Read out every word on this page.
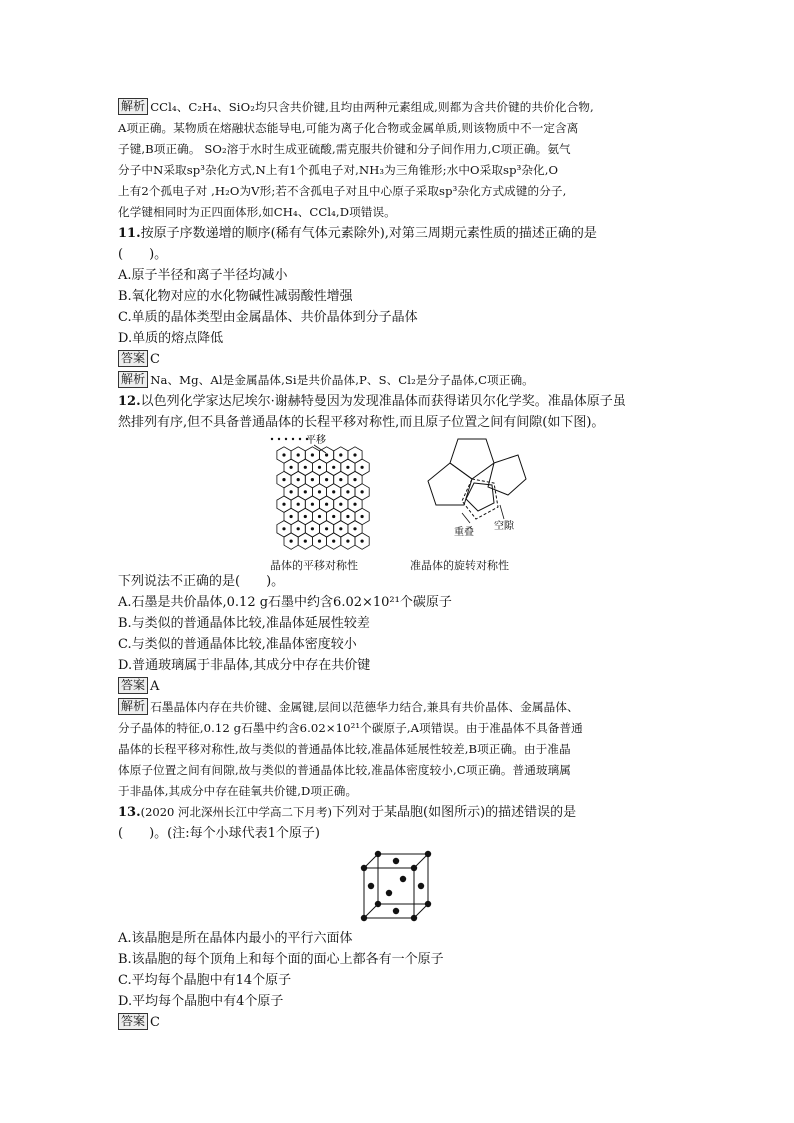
解析 CCl₄、C₂H₄、SiO₂均只含共价键,且均由两种元素组成,则都为含共价键的共价化合物,
A项正确。某物质在熔融状态能导电,可能为离子化合物或金属单质,则该物质中不一定含离
子键,B项正确。 SO₂溶于水时生成亚硫酸,需克服共价键和分子间作用力,C项正确。氨气
分子中N采取sp³杂化方式,N上有1个孤电子对,NH₃为三角锥形;水中O采取sp³杂化,O
上有2个孤电子对 ,H₂O为V形;若不含孤电子对且中心原子采取sp³杂化方式成键的分子,
化学键相同时为正四面体形,如CH₄、CCl₄,D项错误。
11.按原子序数递增的顺序(稀有气体元素除外),对第三周期元素性质的描述正确的是
(　　)。
A.原子半径和离子半径均减小
B.氧化物对应的水化物碱性减弱酸性增强
C.单质的晶体类型由金属晶体、共价晶体到分子晶体
D.单质的熔点降低
答案 C
解析 Na、Mg、Al是金属晶体,Si是共价晶体,P、S、Cl₂是分子晶体,C项正确。
12.以色列化学家达尼埃尔·谢赫特曼因为发现准晶体而获得诺贝尔化学奖。准晶体原子虽
然排列有序,但不具备普通晶体的长程平移对称性,而且原子位置之间有间隙(如下图)。
平移
重叠
空隙
晶体的平移对称性	准晶体的旋转对称性
下列说法不正确的是(　　)。
A.石墨是共价晶体,0.12 g石墨中约含6.02×10²¹个碳原子
B.与类似的普通晶体比较,准晶体延展性较差
C.与类似的普通晶体比较,准晶体密度较小
D.普通玻璃属于非晶体,其成分中存在共价键
答案 A
解析 石墨晶体内存在共价键、金属键,层间以范德华力结合,兼具有共价晶体、金属晶体、
分子晶体的特征,0.12 g石墨中约含6.02×10²¹个碳原子,A项错误。由于准晶体不具备普通
晶体的长程平移对称性,故与类似的普通晶体比较,准晶体延展性较差,B项正确。由于准晶
体原子位置之间有间隙,故与类似的普通晶体比较,准晶体密度较小,C项正确。普通玻璃属
于非晶体,其成分中存在硅氧共价键,D项正确。
13.(2020 河北深州长江中学高二下月考)下列对于某晶胞(如图所示)的描述错误的是
(　　)。(注:每个小球代表1个原子)
A.该晶胞是所在晶体内最小的平行六面体
B.该晶胞的每个顶角上和每个面的面心上都各有一个原子
C.平均每个晶胞中有14个原子
D.平均每个晶胞中有4个原子
答案 C
